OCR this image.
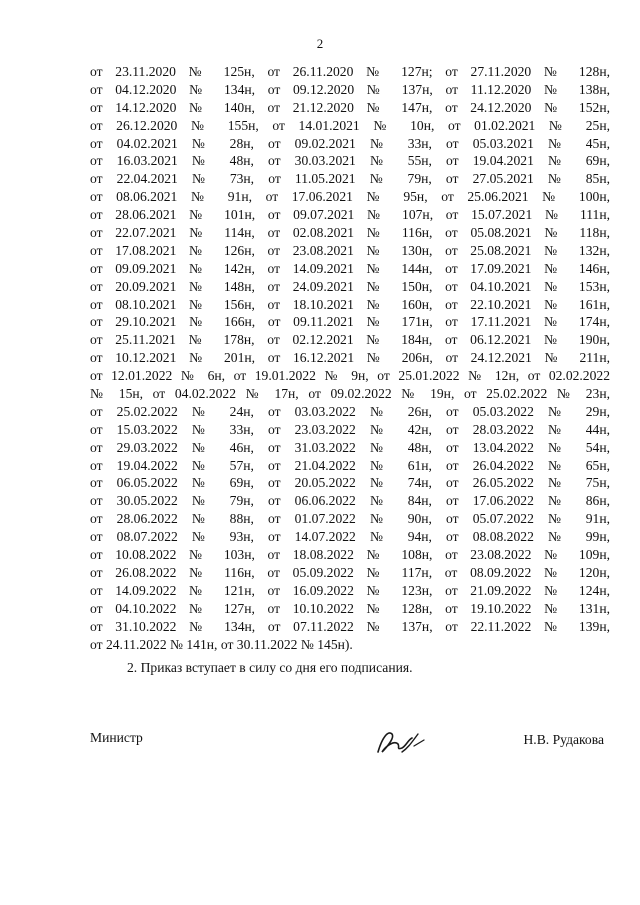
2
от 23.11.2020 № 125н, от 26.11.2020 № 127н; от 27.11.2020 № 128н,
от 04.12.2020 № 134н, от 09.12.2020 № 137н, от 11.12.2020 № 138н,
от 14.12.2020 № 140н, от 21.12.2020 № 147н, от 24.12.2020 № 152н,
от 26.12.2020 № 155н, от 14.01.2021 № 10н, от 01.02.2021 № 25н,
от 04.02.2021 № 28н, от 09.02.2021 № 33н, от 05.03.2021 № 45н,
от 16.03.2021 № 48н, от 30.03.2021 № 55н, от 19.04.2021 № 69н,
от 22.04.2021 № 73н, от 11.05.2021 № 79н, от 27.05.2021 № 85н,
от 08.06.2021 № 91н, от 17.06.2021 № 95н, от 25.06.2021 № 100н,
от 28.06.2021 № 101н, от 09.07.2021 № 107н, от 15.07.2021 № 111н,
от 22.07.2021 № 114н, от 02.08.2021 № 116н, от 05.08.2021 № 118н,
от 17.08.2021 № 126н, от 23.08.2021 № 130н, от 25.08.2021 № 132н,
от 09.09.2021 № 142н, от 14.09.2021 № 144н, от 17.09.2021 № 146н,
от 20.09.2021 № 148н, от 24.09.2021 № 150н, от 04.10.2021 № 153н,
от 08.10.2021 № 156н, от 18.10.2021 № 160н, от 22.10.2021 № 161н,
от 29.10.2021 № 166н, от 09.11.2021 № 171н, от 17.11.2021 № 174н,
от 25.11.2021 № 178н, от 02.12.2021 № 184н, от 06.12.2021 № 190н,
от 10.12.2021 № 201н, от 16.12.2021 № 206н, от 24.12.2021 № 211н,
от 12.01.2022 № 6н, от 19.01.2022 № 9н, от 25.01.2022 № 12н, от 02.02.2022
№ 15н, от 04.02.2022 № 17н, от 09.02.2022 № 19н, от 25.02.2022 № 23н,
от 25.02.2022 № 24н, от 03.03.2022 № 26н, от 05.03.2022 № 29н,
от 15.03.2022 № 33н, от 23.03.2022 № 42н, от 28.03.2022 № 44н,
от 29.03.2022 № 46н, от 31.03.2022 № 48н, от 13.04.2022 № 54н,
от 19.04.2022 № 57н, от 21.04.2022 № 61н, от 26.04.2022 № 65н,
от 06.05.2022 № 69н, от 20.05.2022 № 74н, от 26.05.2022 № 75н,
от 30.05.2022 № 79н, от 06.06.2022 № 84н, от 17.06.2022 № 86н,
от 28.06.2022 № 88н, от 01.07.2022 № 90н, от 05.07.2022 № 91н,
от 08.07.2022 № 93н, от 14.07.2022 № 94н, от 08.08.2022 № 99н,
от 10.08.2022 № 103н, от 18.08.2022 № 108н, от 23.08.2022 № 109н,
от 26.08.2022 № 116н, от 05.09.2022 № 117н, от 08.09.2022 № 120н,
от 14.09.2022 № 121н, от 16.09.2022 № 123н, от 21.09.2022 № 124н,
от 04.10.2022 № 127н, от 10.10.2022 № 128н, от 19.10.2022 № 131н,
от 31.10.2022 № 134н, от 07.11.2022 № 137н, от 22.11.2022 № 139н,
от 24.11.2022 № 141н, от 30.11.2022 № 145н).
2. Приказ вступает в силу со дня его подписания.
Министр	Н.В. Рудакова
